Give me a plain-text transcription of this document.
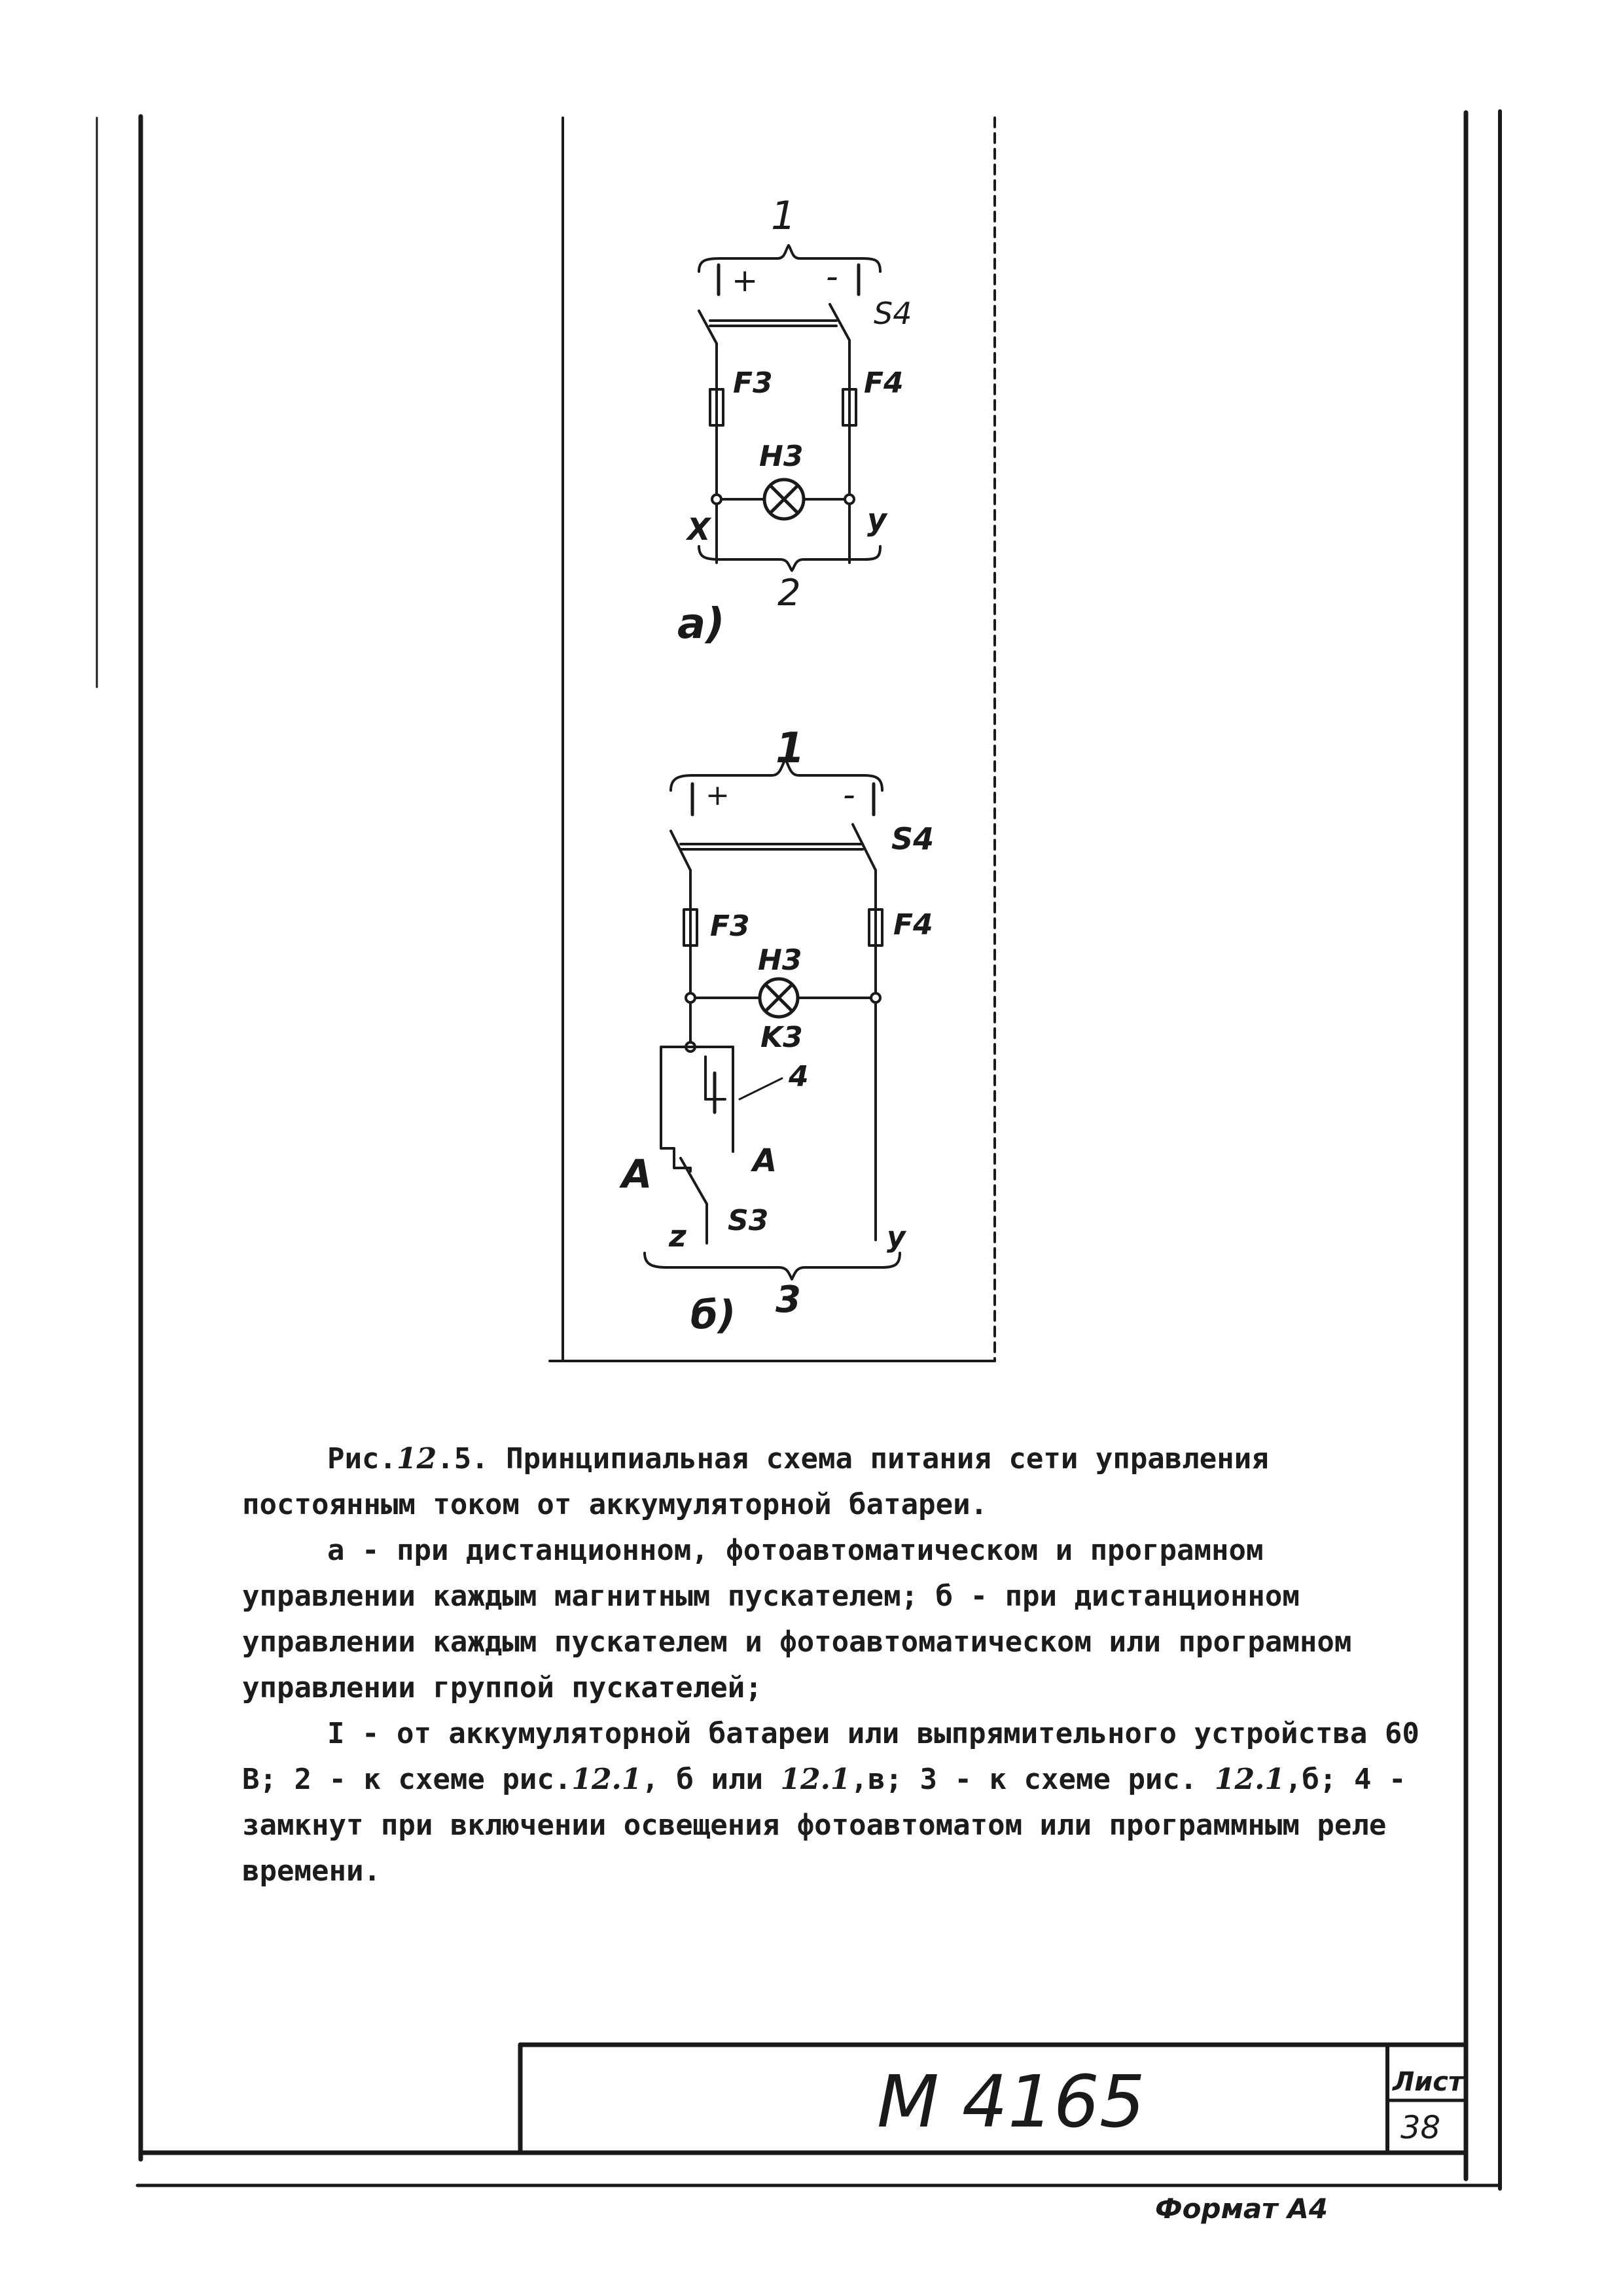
1
+ -
S4
F3	F4
H3
X	y
2
а)
1
+	-
S4
F3	F4
H3
K3
4
А
А
S3
z	y
3
б)
М 4165	Лист
38
Формат А4

Рис.12.5. Принципиальная схема питания сети управления постоянным током от аккумуляторной батареи.

а - при дистанционном, фотоавтоматическом и програмном управлении каждым магнитным пускателем; б - при дистанционном управлении каждым пускателем и фотоавтоматическом или програмном управлении группой пускателей;

I - от аккумуляторной батареи или выпрямительного устройства 60 В; 2 - к схеме рис.12.1, б или 12.1,в; 3 - к схеме рис. 12.1,б; 4 - замкнут при включении освещения фотоавтоматом или программным реле времени.
